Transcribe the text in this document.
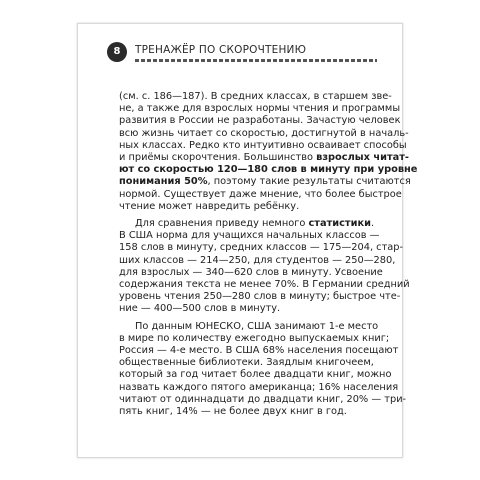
8	ТРЕНАЖЁР ПО СКОРОЧТЕНИЮ
(см. с. 186—187). В средних классах, в старшем зве-
не, а также для взрослых нормы чтения и программы
развития в России не разработаны. Зачастую человек
всю жизнь читает со скоростью, достигнутой в началь-
ных классах. Редко кто интуитивно осваивает способы
и приёмы скорочтения. Большинство взрослых читат-
ют со скоростью 120—180 слов в минуту при уровне
понимания 50%, поэтому такие результаты считаются
нормой. Существует даже мнение, что более быстрое
чтение может навредить ребёнку.
Для сравнения приведу немного статистики.
В США норма для учащихся начальных классов —
158 слов в минуту, средних классов — 175—204, стар-
ших классов — 214—250, для студентов — 250—280,
для взрослых — 340—620 слов в минуту. Усвоение
содержания текста не менее 70%. В Германии средний
уровень чтения 250—280 слов в минуту; быстрое чте-
ние — 400—500 слов в минуту.
По данным ЮНЕСКО, США занимают 1-е место
в мире по количеству ежегодно выпускаемых книг;
Россия — 4-е место. В США 68% населения посещают
общественные библиотеки. Заядлым книгочеем,
который за год читает более двадцати книг, можно
назвать каждого пятого американца; 16% населения
читают от одиннадцати до двадцати книг, 20% — три-
пять книг, 14% — не более двух книг в год.
